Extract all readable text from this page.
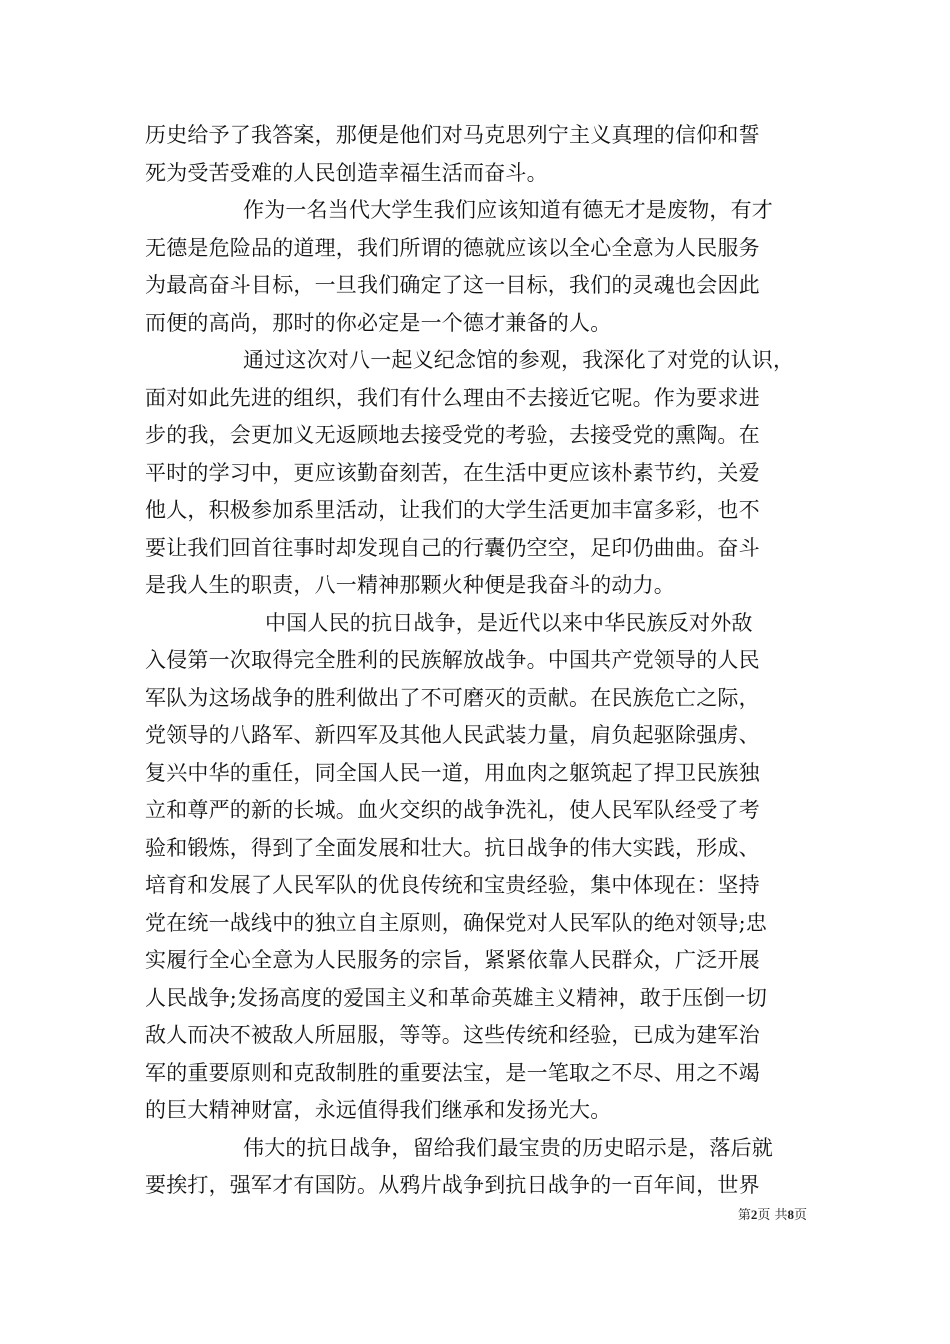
历史给予了我答案，那便是他们对马克思列宁主义真理的信仰和誓
死为受苦受难的人民创造幸福生活而奋斗。
作为一名当代大学生我们应该知道有德无才是废物，有才
无德是危险品的道理，我们所谓的德就应该以全心全意为人民服务
为最高奋斗目标，一旦我们确定了这一目标，我们的灵魂也会因此
而便的高尚，那时的你必定是一个德才兼备的人。
通过这次对八一起义纪念馆的参观，我深化了对党的认识，
面对如此先进的组织，我们有什么理由不去接近它呢。作为要求进
步的我，会更加义无返顾地去接受党的考验，去接受党的熏陶。在
平时的学习中，更应该勤奋刻苦，在生活中更应该朴素节约，关爱
他人，积极参加系里活动，让我们的大学生活更加丰富多彩，也不
要让我们回首往事时却发现自己的行囊仍空空，足印仍曲曲。奋斗
是我人生的职责，八一精神那颗火种便是我奋斗的动力。
中国人民的抗日战争，是近代以来中华民族反对外敌
入侵第一次取得完全胜利的民族解放战争。中国共产党领导的人民
军队为这场战争的胜利做出了不可磨灭的贡献。在民族危亡之际，
党领导的八路军、新四军及其他人民武装力量，肩负起驱除强虏、
复兴中华的重任，同全国人民一道，用血肉之躯筑起了捍卫民族独
立和尊严的新的长城。血火交织的战争洗礼，使人民军队经受了考
验和锻炼，得到了全面发展和壮大。抗日战争的伟大实践，形成、
培育和发展了人民军队的优良传统和宝贵经验，集中体现在：坚持
党在统一战线中的独立自主原则，确保党对人民军队的绝对领导;忠
实履行全心全意为人民服务的宗旨，紧紧依靠人民群众，广泛开展
人民战争;发扬高度的爱国主义和革命英雄主义精神，敢于压倒一切
敌人而决不被敌人所屈服，等等。这些传统和经验，已成为建军治
军的重要原则和克敌制胜的重要法宝，是一笔取之不尽、用之不竭
的巨大精神财富，永远值得我们继承和发扬光大。
伟大的抗日战争，留给我们最宝贵的历史昭示是，落后就
要挨打，强军才有国防。从鸦片战争到抗日战争的一百年间，世界
第2页 共8页
